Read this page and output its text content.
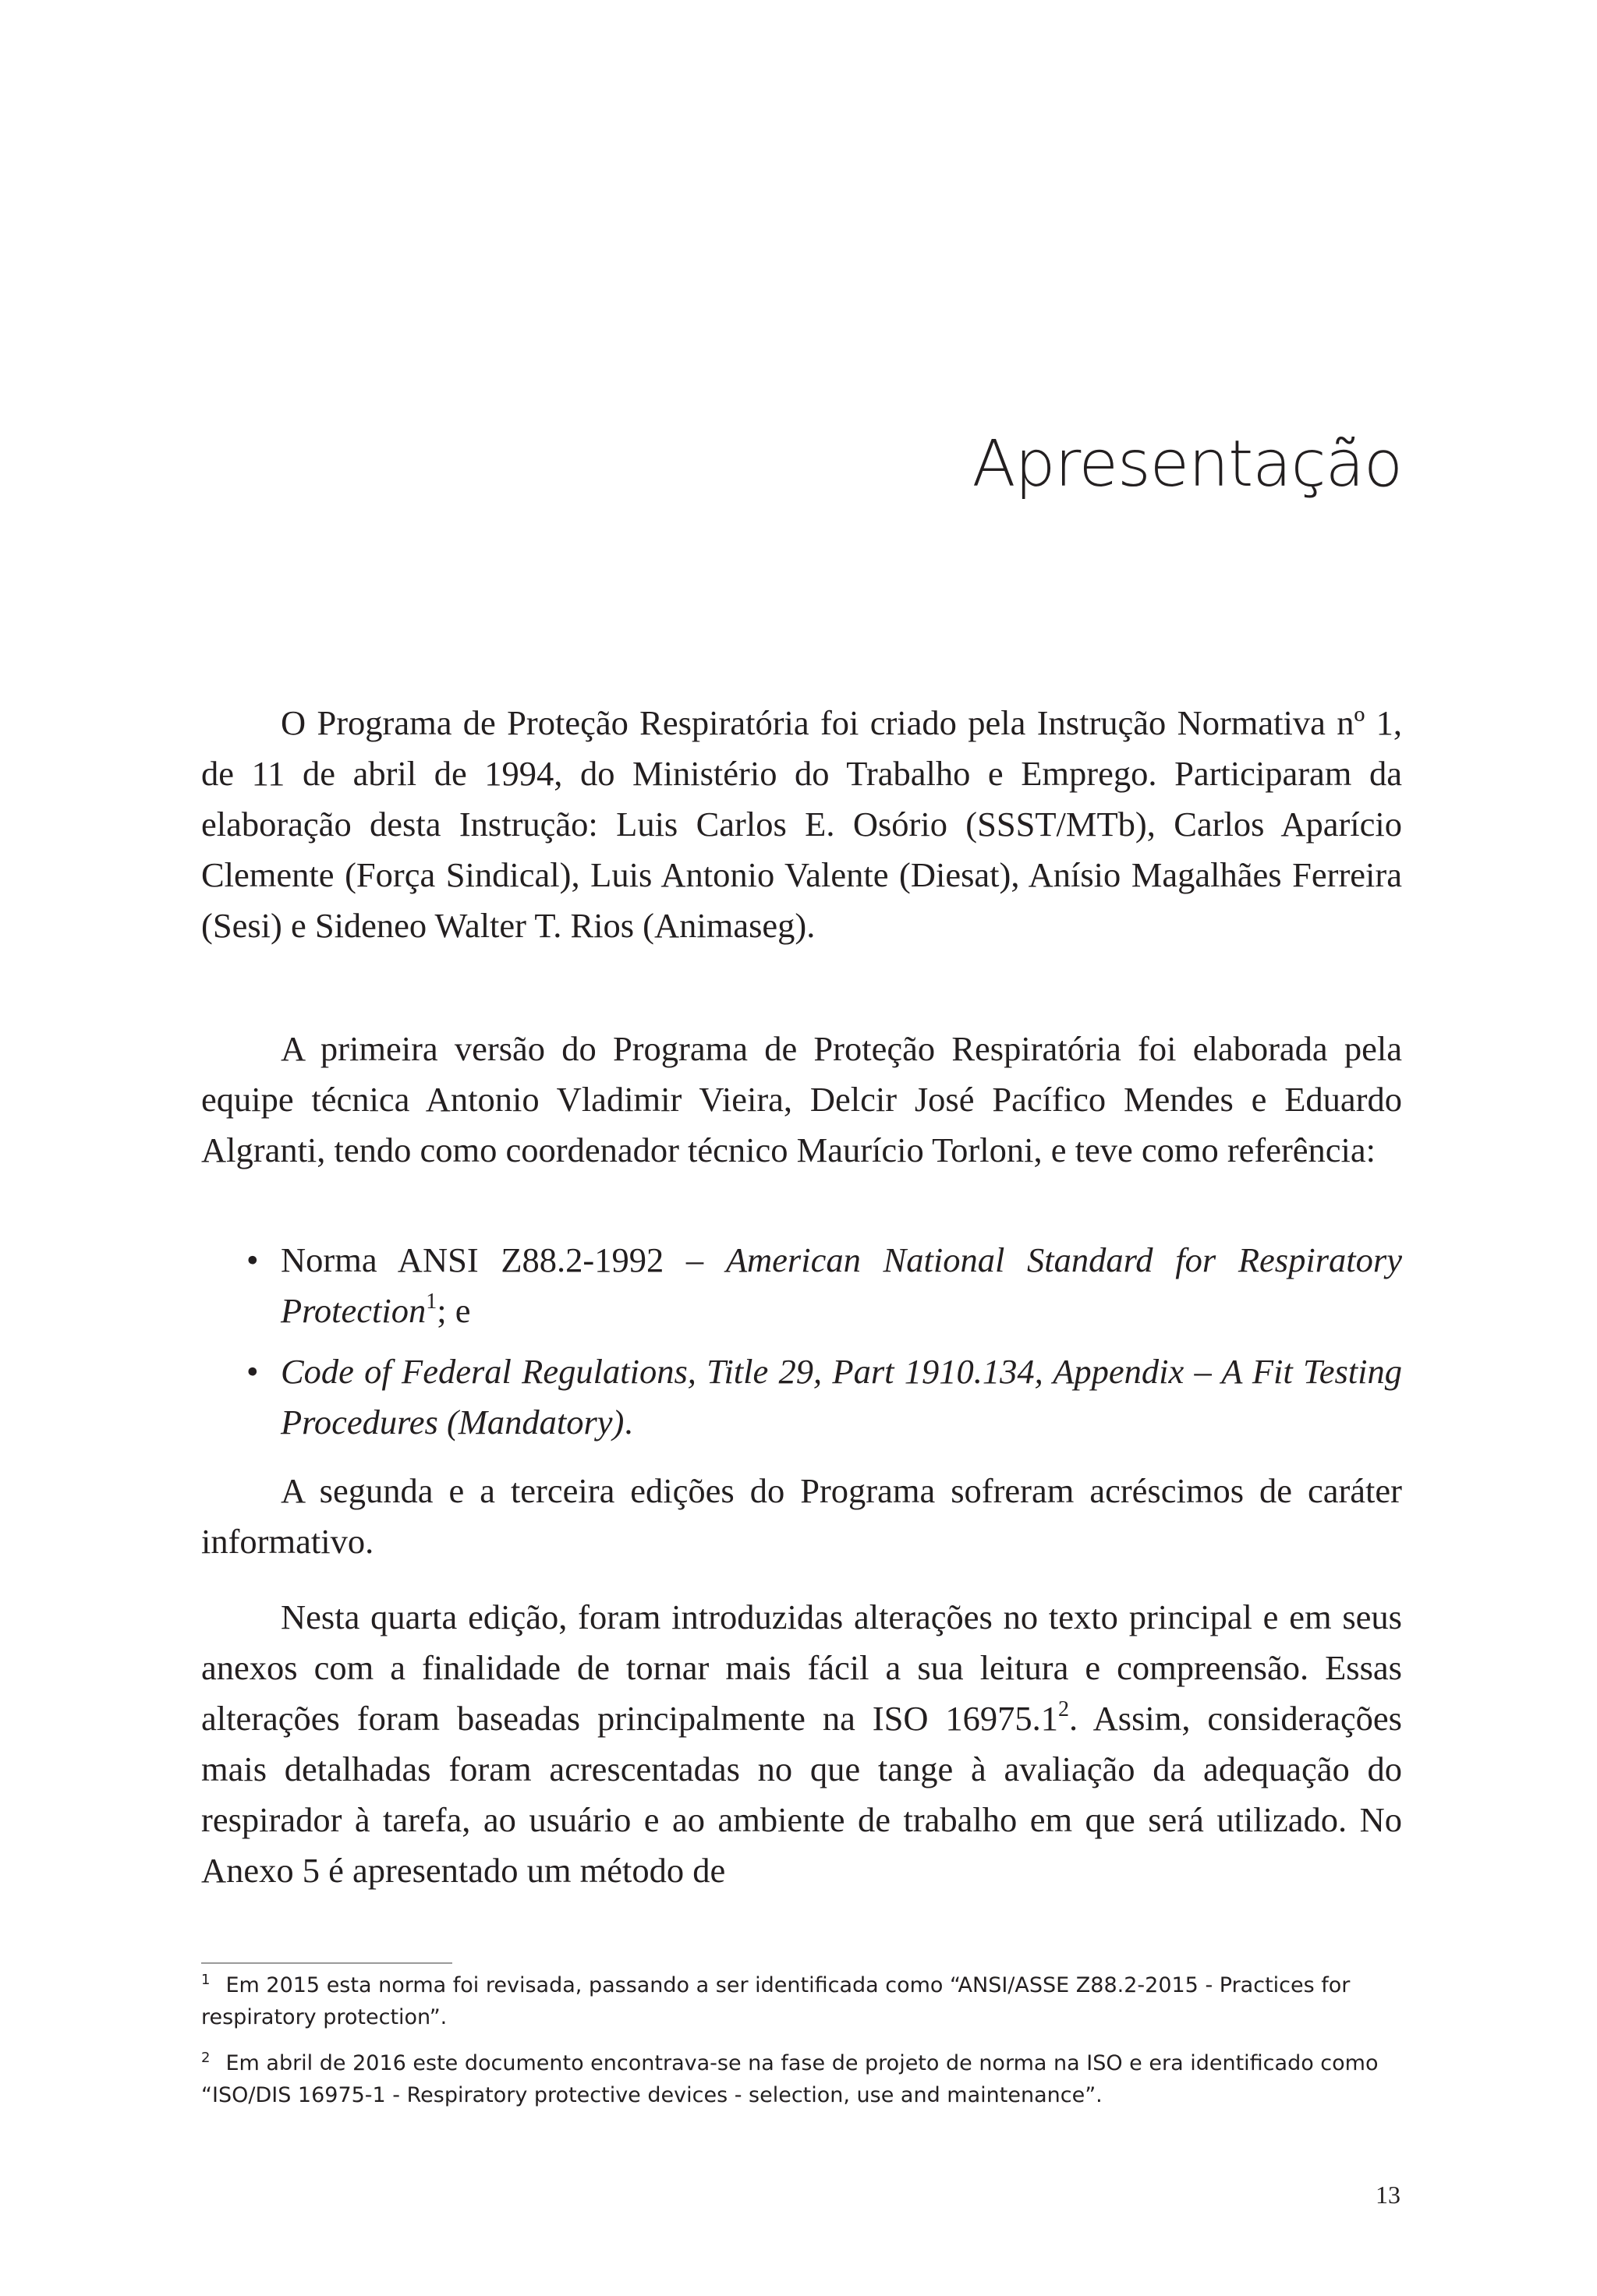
Apresentação

O Programa de Proteção Respiratória foi criado pela Instrução Normativa nº 1, de 11 de abril de 1994, do Ministério do Trabalho e Emprego. Participaram da elaboração desta Instrução: Luis Carlos E. Osório (SSST/MTb), Carlos Aparício Clemente (Força Sindical), Luis Antonio Valente (Diesat), Anísio Magalhães Ferreira (Sesi) e Sideneo Walter T. Rios (Animaseg).

A primeira versão do Programa de Proteção Respiratória foi elaborada pela equipe técnica Antonio Vladimir Vieira, Delcir José Pacífico Mendes e Eduardo Algranti, tendo como coordenador técnico Maurício Torloni, e teve como referência:

• Norma ANSI Z88.2-1992 – American National Standard for Respiratory Protection$^1$; e
• Code of Federal Regulations, Title 29, Part 1910.134, Appendix – A Fit Testing Procedures (Mandatory).

A segunda e a terceira edições do Programa sofreram acréscimos de caráter informativo.

Nesta quarta edição, foram introduzidas alterações no texto principal e em seus anexos com a finalidade de tornar mais fácil a sua leitura e compreensão. Essas alterações foram baseadas principalmente na ISO 16975.1$^2$. Assim, considerações mais detalhadas foram acrescentadas no que tange à avaliação da adequação do respirador à tarefa, ao usuário e ao ambiente de trabalho em que será utilizado. No Anexo 5 é apresentado um método de

$^1$ Em 2015 esta norma foi revisada, passando a ser identificada como “ANSI/ASSE Z88.2-2015 - Practices for respiratory protection”.
$^2$ Em abril de 2016 este documento encontrava-se na fase de projeto de norma na ISO e era identificado como “ISO/DIS 16975-1 - Respiratory protective devices - selection, use and maintenance”.
13
